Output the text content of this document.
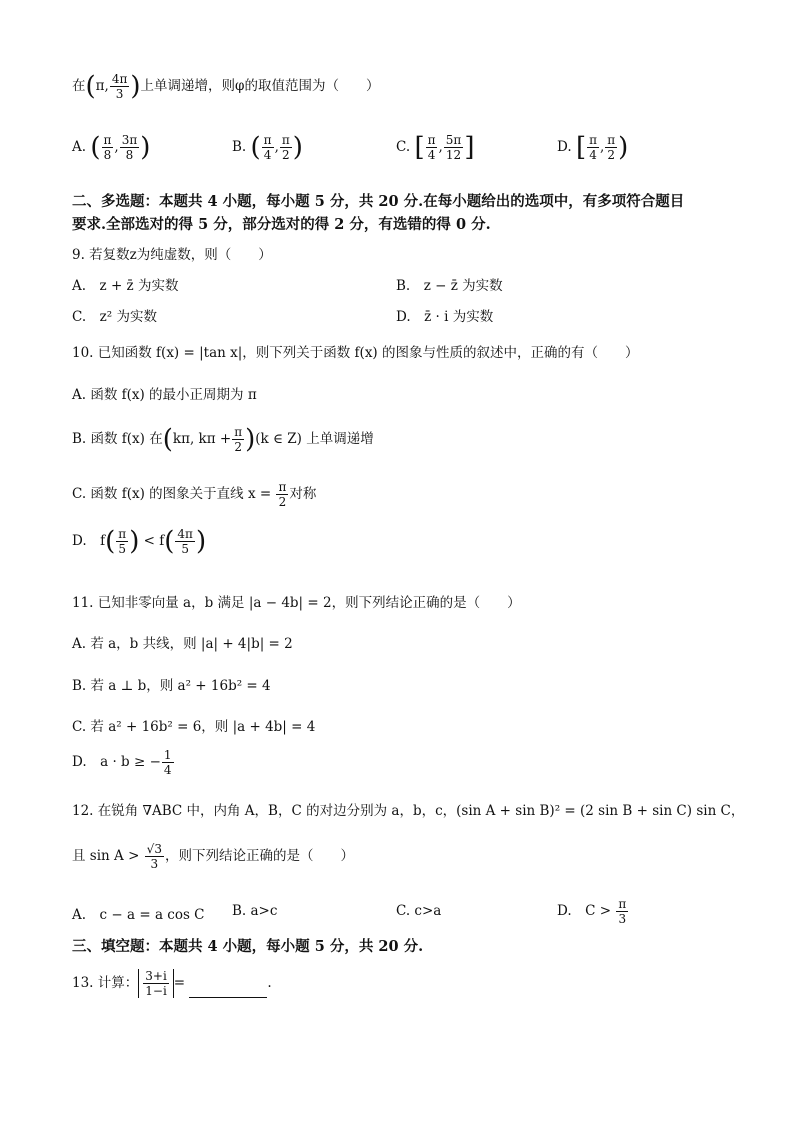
在(π, $\frac{4\pi}{3}$ )上单调递增，则φ的取值范围为（　　）
A. ( $\frac{\pi}{8}$ , $\frac{3\pi}{8}$ )	B. ( $\frac{\pi}{4}$ , $\frac{\pi}{2}$ )	C. [ $\frac{\pi}{4}$ , $\frac{5\pi}{12}$ ]	D. [ $\frac{\pi}{4}$ , $\frac{\pi}{2}$ )
二、多选题：本题共 4 小题，每小题 5 分，共 20 分.在每小题给出的选项中，有多项符合题目
要求.全部选对的得 5 分，部分选对的得 2 分，有选错的得 0 分.
9. 若复数z为纯虚数，则（　　）
A.　z + z̄ 为实数	B.　z − z̄ 为实数
C.　z² 为实数	D.　z̄ · i 为实数
10. 已知函数 f(x) = |tan x|，则下列关于函数 f(x) 的图象与性质的叙述中，正确的有（　　）
A. 函数 f(x) 的最小正周期为 π
B. 函数 f(x) 在(kπ, $k\pi + \frac{\pi}{2} )(k$ ∈ Z) 上单调递增
C. 函数 f(x) 的图象关于直线 $x = \frac{\pi}{2}$ 对称
D.　$f( \frac{\pi}{5}$ ) < $f( \frac{4\pi}{5}$ )
11. 已知非零向量 a，b 满足 |a − 4b| = 2，则下列结论正确的是（　　）
A. 若 a，b 共线，则 |a| + 4|b| = 2
B. 若 a ⊥ b，则 a² + 16b² = 4
C. 若 a² + 16b² = 6，则 |a + 4b| = 4
D.　a · b ≥ − $\frac{1}{4}$
12. 在锐角 ∇ABC 中，内角 A，B，C 的对边分别为 a，b，c，(sin A + sin B)² = (2 sin B + sin C) sin C，
且 $\sin A > \frac{√3}{3}$ ，则下列结论正确的是（　　）
A.　c − a = a cos C B. a>c	C. c>a	D.　$C > \frac{\pi}{3}$
三、填空题：本题共 4 小题，每小题 5 分，共 20 分.
13. 计算： $\frac{3+i}{1-i}$ =	.
